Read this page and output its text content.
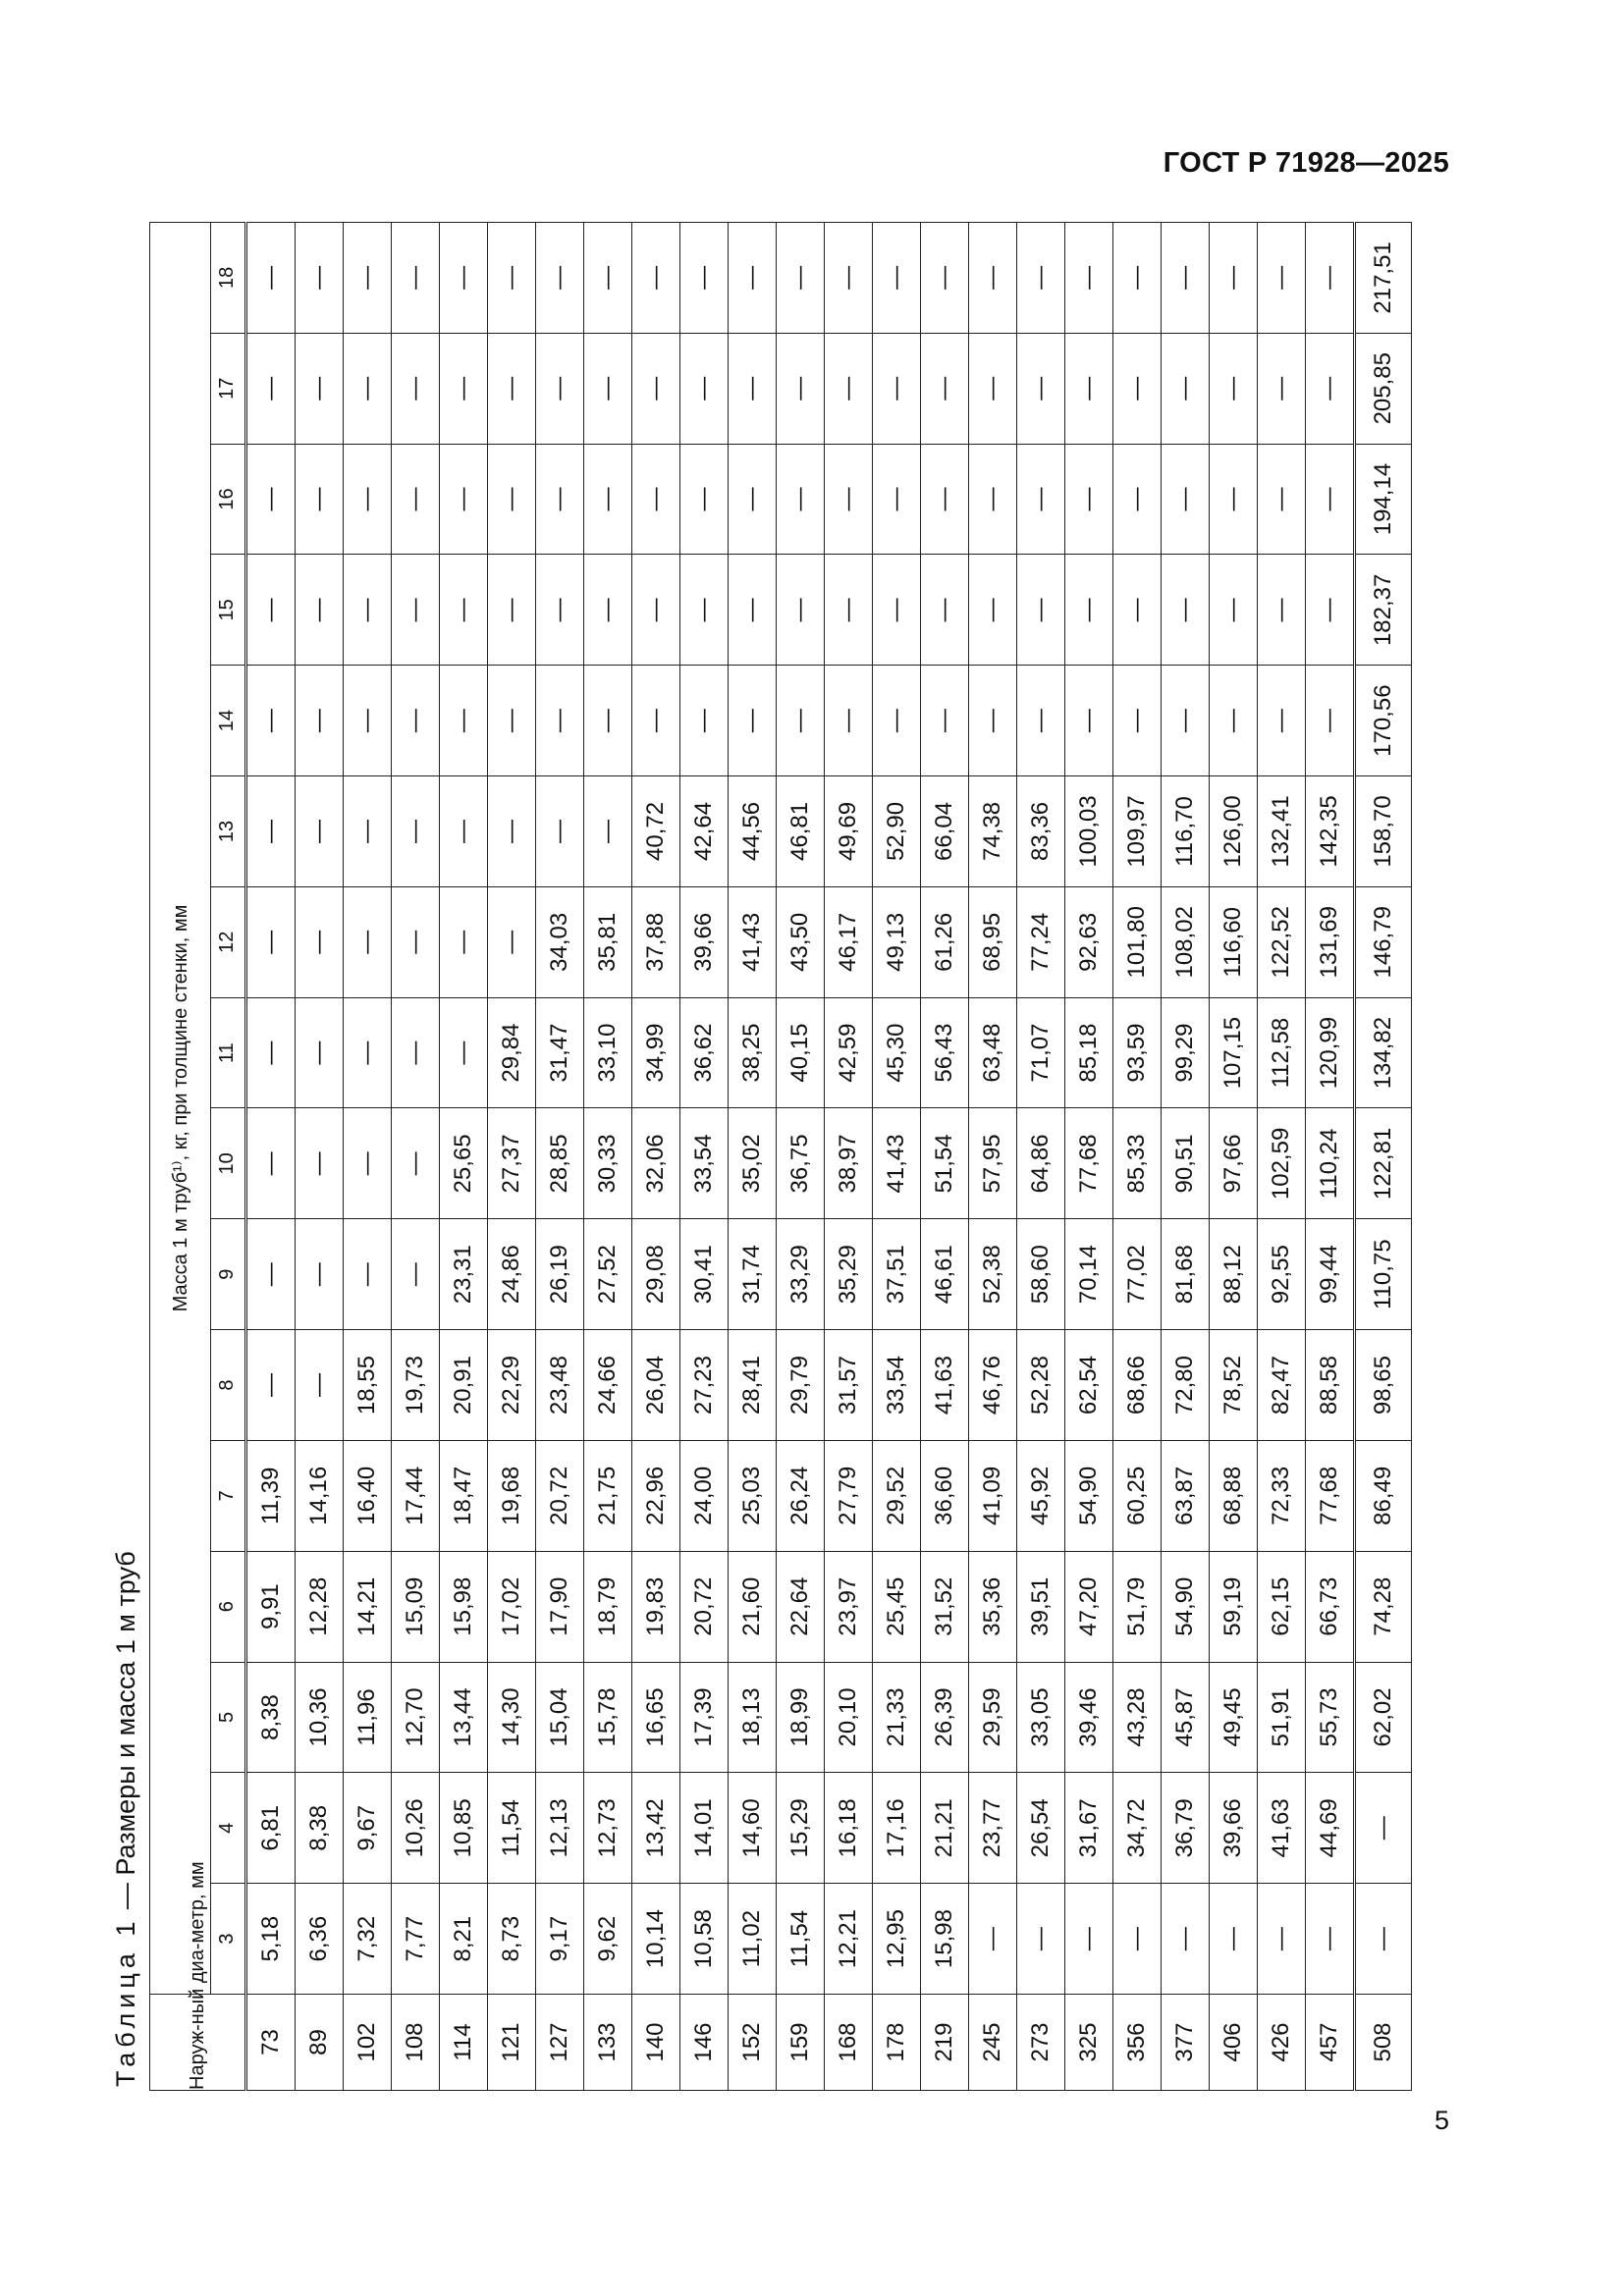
ГОСТ Р 71928—2025
Таблица 1 — Размеры и масса 1 м труб
Наруж-ный диа-метр, мм	Масса 1 м труб¹⁾, кг, при толщине стенки, мм															
	3	4	5	6	7	8	9	10	11	12	13	14	15	16	17	18
73	5,18	6,81	8,38	9,91	11,39	—	—	—	—	—	—	—	—	—	—	—
89	6,36	8,38	10,36	12,28	14,16	—	—	—	—	—	—	—	—	—	—	—
102	7,32	9,67	11,96	14,21	16,40	18,55	—	—	—	—	—	—	—	—	—	—
108	7,77	10,26	12,70	15,09	17,44	19,73	—	—	—	—	—	—	—	—	—	—
114	8,21	10,85	13,44	15,98	18,47	20,91	23,31	25,65	—	—	—	—	—	—	—	—
121	8,73	11,54	14,30	17,02	19,68	22,29	24,86	27,37	29,84	—	—	—	—	—	—	—
127	9,17	12,13	15,04	17,90	20,72	23,48	26,19	28,85	31,47	34,03	—	—	—	—	—	—
133	9,62	12,73	15,78	18,79	21,75	24,66	27,52	30,33	33,10	35,81	—	—	—	—	—	—
140	10,14	13,42	16,65	19,83	22,96	26,04	29,08	32,06	34,99	37,88	40,72	—	—	—	—	—
146	10,58	14,01	17,39	20,72	24,00	27,23	30,41	33,54	36,62	39,66	42,64	—	—	—	—	—
152	11,02	14,60	18,13	21,60	25,03	28,41	31,74	35,02	38,25	41,43	44,56	—	—	—	—	—
159	11,54	15,29	18,99	22,64	26,24	29,79	33,29	36,75	40,15	43,50	46,81	—	—	—	—	—
168	12,21	16,18	20,10	23,97	27,79	31,57	35,29	38,97	42,59	46,17	49,69	—	—	—	—	—
178	12,95	17,16	21,33	25,45	29,52	33,54	37,51	41,43	45,30	49,13	52,90	—	—	—	—	—
219	15,98	21,21	26,39	31,52	36,60	41,63	46,61	51,54	56,43	61,26	66,04	—	—	—	—	—
245	—	23,77	29,59	35,36	41,09	46,76	52,38	57,95	63,48	68,95	74,38	—	—	—	—	—
273	—	26,54	33,05	39,51	45,92	52,28	58,60	64,86	71,07	77,24	83,36	—	—	—	—	—
325	—	31,67	39,46	47,20	54,90	62,54	70,14	77,68	85,18	92,63	100,03	—	—	—	—	—
356	—	34,72	43,28	51,79	60,25	68,66	77,02	85,33	93,59	101,80	109,97	—	—	—	—	—
377	—	36,79	45,87	54,90	63,87	72,80	81,68	90,51	99,29	108,02	116,70	—	—	—	—	—
406	—	39,66	49,45	59,19	68,88	78,52	88,12	97,66	107,15	116,60	126,00	—	—	—	—	—
426	—	41,63	51,91	62,15	72,33	82,47	92,55	102,59	112,58	122,52	132,41	—	—	—	—	—
457	—	44,69	55,73	66,73	77,68	88,58	99,44	110,24	120,99	131,69	142,35	—	—	—	—	—
508	—	—	62,02	74,28	86,49	98,65	110,75	122,81	134,82	146,79	158,70	170,56	182,37	194,14	205,85	217,51
5
